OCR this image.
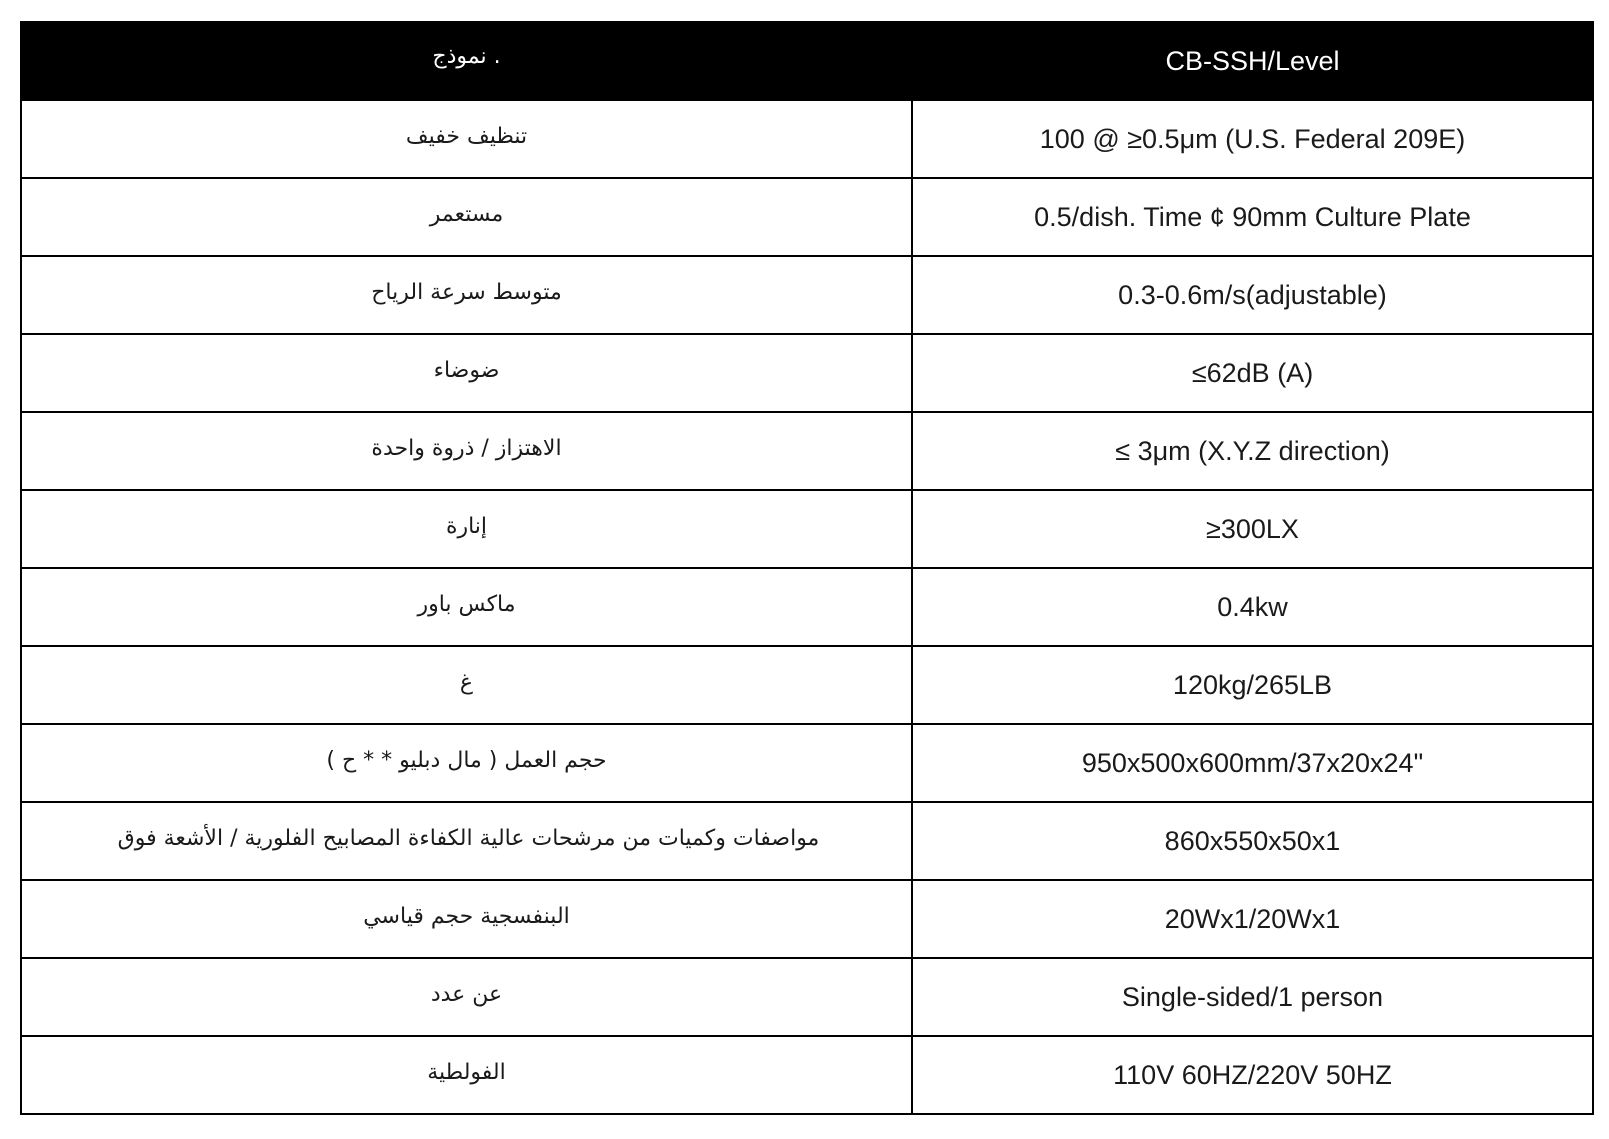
نموذج .	CB-SSH/Level
تنظيف خفيف	100 @ ≥0.5μm (U.S. Federal 209E)
مستعمر	0.5/dish. Time ¢ 90mm Culture Plate
متوسط سرعة الرياح	0.3-0.6m/s(adjustable)
ضوضاء	≤62dB (A)
الاهتزاز / ذروة واحدة	≤ 3μm (X.Y.Z direction)
إنارة	≥300LX
ماكس باور	0.4kw
غ	120kg/265LB
حجم العمل ( مال دبليو * * ح )	950x500x600mm/37x20x24"
مواصفات وكميات من مرشحات عالية الكفاءة المصابيح الفلورية / الأشعة فوق	860x550x50x1
البنفسجية حجم قياسي	20Wx1/20Wx1
عن عدد	Single-sided/1 person
الفولطية	110V 60HZ/220V 50HZ
